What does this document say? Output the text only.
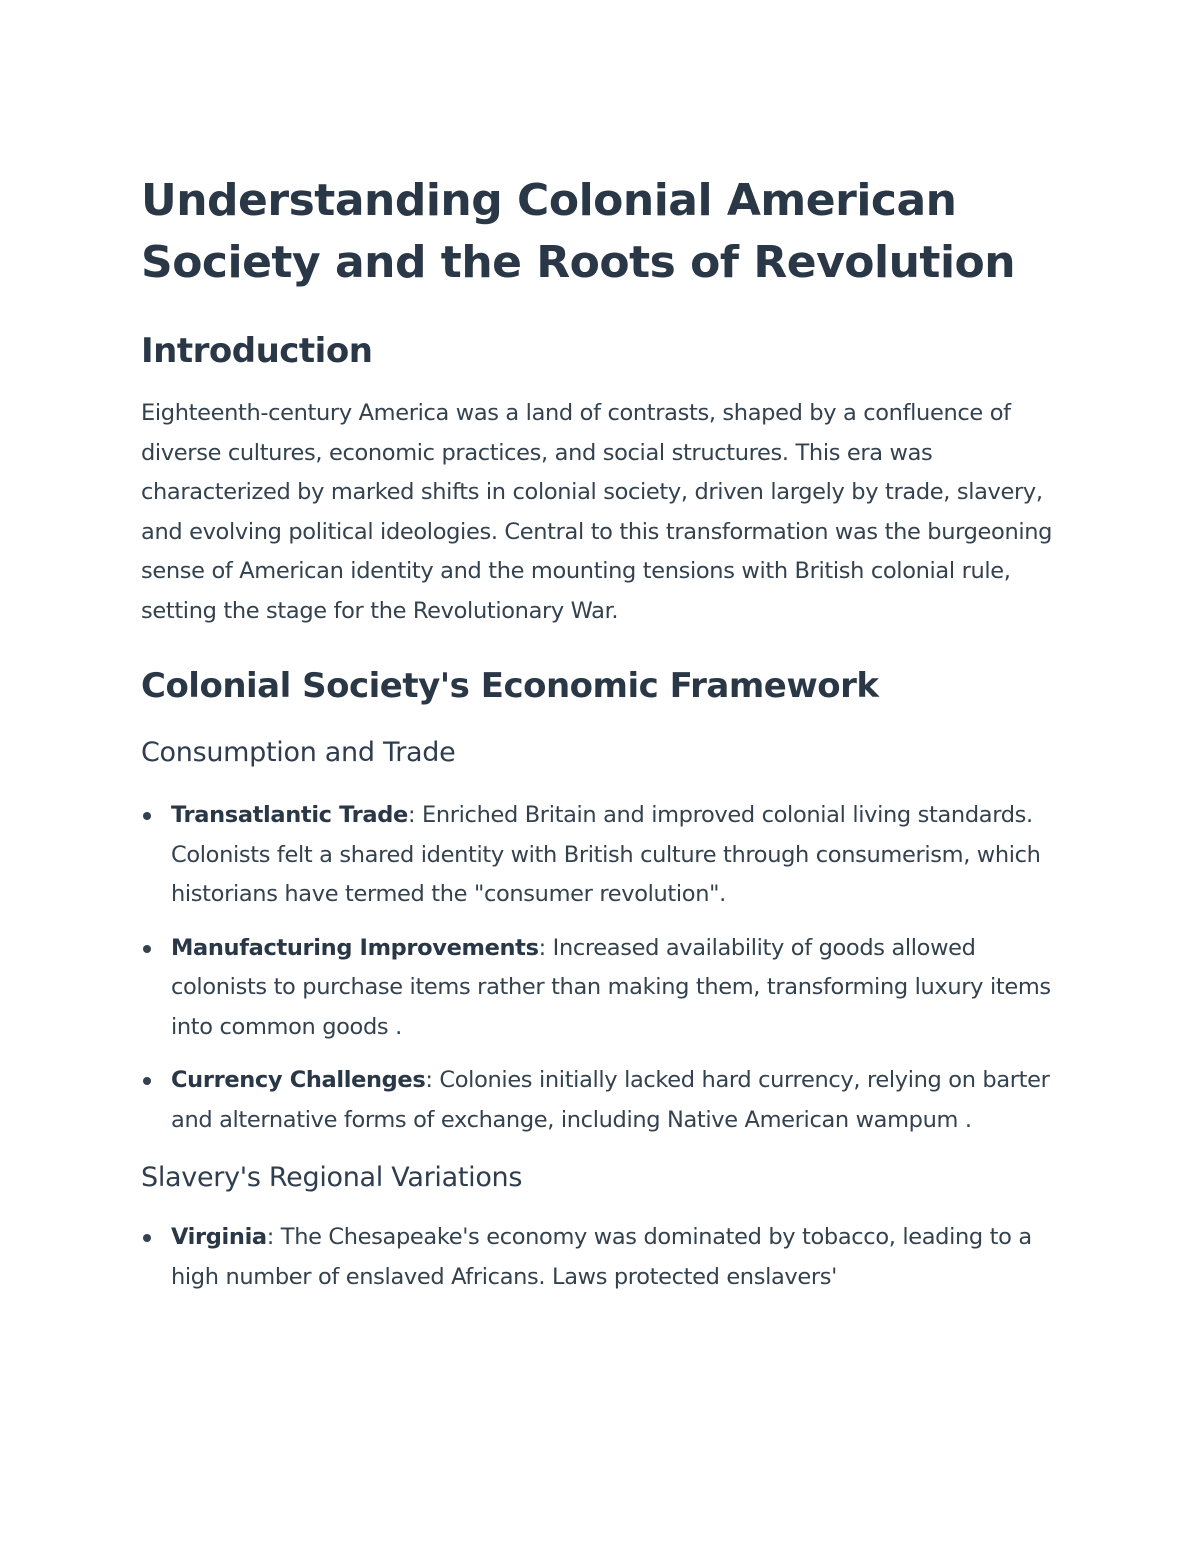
Understanding Colonial American Society and the Roots of Revolution
Introduction

Eighteenth-century America was a land of contrasts, shaped by a confluence of diverse cultures, economic practices, and social structures. This era was characterized by marked shifts in colonial society, driven largely by trade, slavery, and evolving political ideologies. Central to this transformation was the burgeoning sense of American identity and the mounting tensions with British colonial rule, setting the stage for the Revolutionary War.

Colonial Society's Economic Framework
Consumption and Trade
Transatlantic Trade: Enriched Britain and improved colonial living standards. Colonists felt a shared identity with British culture through consumerism, which historians have termed the "consumer revolution".
Manufacturing Improvements: Increased availability of goods allowed colonists to purchase items rather than making them, transforming luxury items into common goods .
Currency Challenges: Colonies initially lacked hard currency, relying on barter and alternative forms of exchange, including Native American wampum .
Slavery's Regional Variations
Virginia: The Chesapeake's economy was dominated by tobacco, leading to a high number of enslaved Africans. Laws protected enslavers'
